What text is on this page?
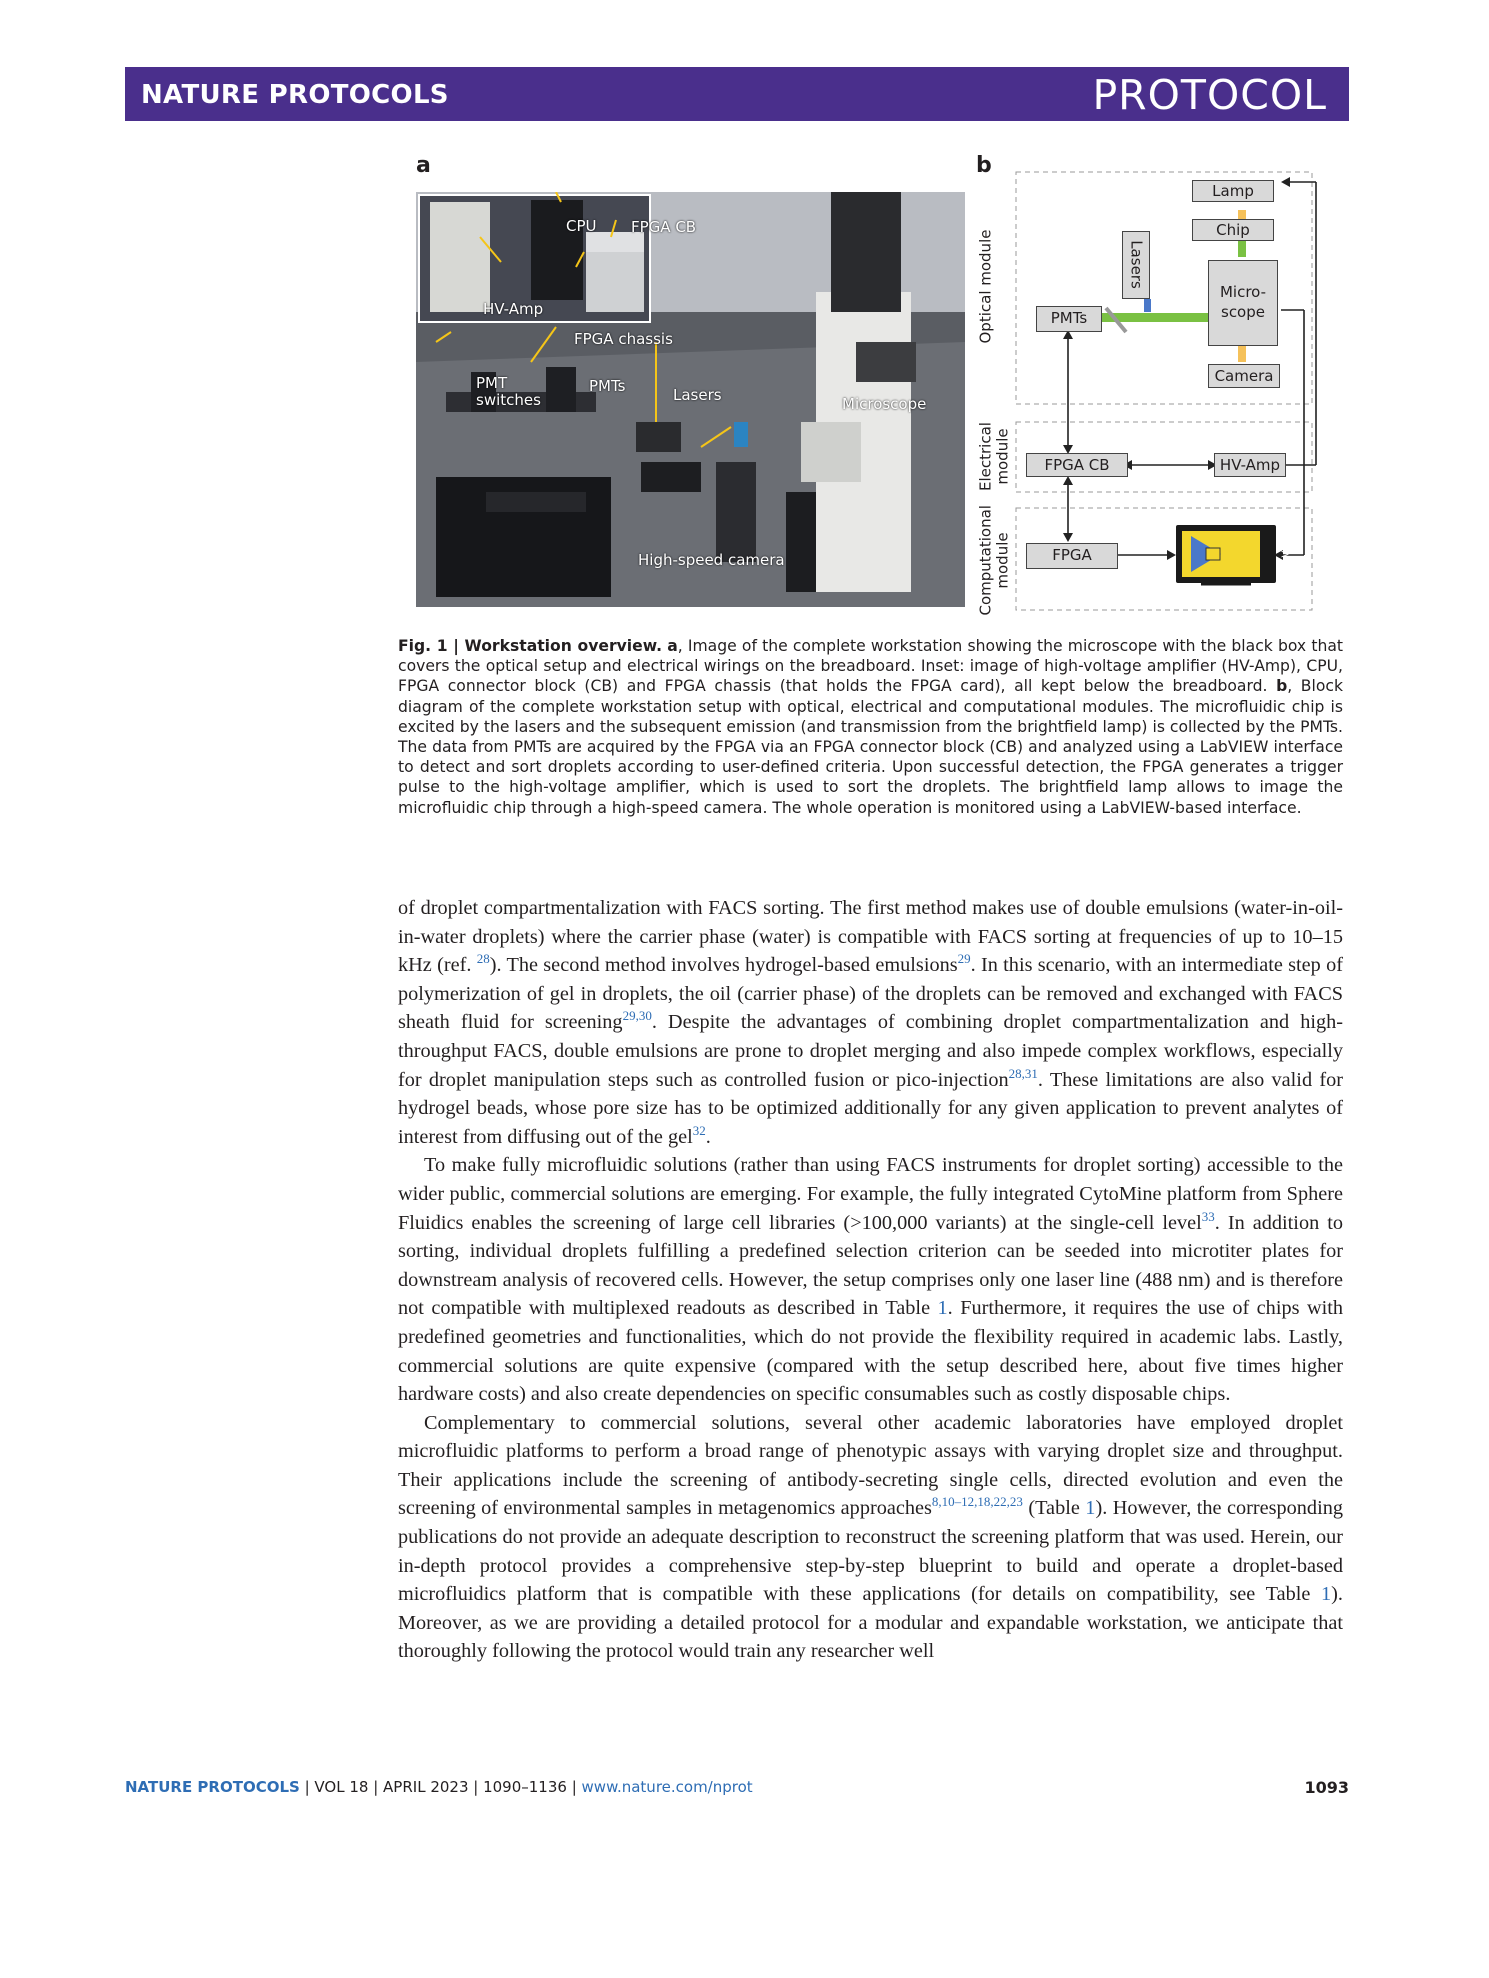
NATURE PROTOCOLS	PROTOCOL
a
CPU FPGA CB
HV-Amp
FPGA chassis
PMT
switches
PMTs	Lasers	Microscope
High-speed camera
b
Lamp
Chip
Lasers
Micro-
scope
PMTs
Camera
FPGA CB	HV-Amp
FPGA	LabVIEW
Optical module
Electrical module
Computational module
Fig. 1 | Workstation overview. a, Image of the complete workstation showing the microscope with the black box that covers the optical setup and electrical wirings on the breadboard. Inset: image of high-voltage amplifier (HV-Amp), CPU, FPGA connector block (CB) and FPGA chassis (that holds the FPGA card), all kept below the breadboard. b, Block diagram of the complete workstation setup with optical, electrical and computational modules. The microfluidic chip is excited by the lasers and the subsequent emission (and transmission from the brightfield lamp) is collected by the PMTs. The data from PMTs are acquired by the FPGA via an FPGA connector block (CB) and analyzed using a LabVIEW interface to detect and sort droplets according to user-defined criteria. Upon successful detection, the FPGA generates a trigger pulse to the high-voltage amplifier, which is used to sort the droplets. The brightfield lamp allows to image the microfluidic chip through a high-speed camera. The whole operation is monitored using a LabVIEW-based interface.

of droplet compartmentalization with FACS sorting. The first method makes use of double emulsions (water-in-oil-in-water droplets) where the carrier phase (water) is compatible with FACS sorting at frequencies of up to 10–15 kHz (ref. $^{28}$). The second method involves hydrogel-based emulsions$^{29}$. In this scenario, with an intermediate step of polymerization of gel in droplets, the oil (carrier phase) of the droplets can be removed and exchanged with FACS sheath fluid for screening$^{29,30}$. Despite the advantages of combining droplet compartmentalization and high-throughput FACS, double emulsions are prone to droplet merging and also impede complex workflows, especially for droplet manipulation steps such as controlled fusion or pico-injection$^{28,31}$. These limitations are also valid for hydrogel beads, whose pore size has to be optimized additionally for any given application to prevent analytes of interest from diffusing out of the gel$^{32}$.

To make fully microfluidic solutions (rather than using FACS instruments for droplet sorting) accessible to the wider public, commercial solutions are emerging. For example, the fully integrated CytoMine platform from Sphere Fluidics enables the screening of large cell libraries (>100,000 variants) at the single-cell level$^{33}$. In addition to sorting, individual droplets fulfilling a predefined selection criterion can be seeded into microtiter plates for downstream analysis of recovered cells. However, the setup comprises only one laser line (488 nm) and is therefore not compatible with multiplexed readouts as described in Table 1. Furthermore, it requires the use of chips with predefined geometries and functionalities, which do not provide the flexibility required in academic labs. Lastly, commercial solutions are quite expensive (compared with the setup described here, about five times higher hardware costs) and also create dependencies on specific consumables such as costly disposable chips.

Complementary to commercial solutions, several other academic laboratories have employed droplet microfluidic platforms to perform a broad range of phenotypic assays with varying droplet size and throughput. Their applications include the screening of antibody-secreting single cells, directed evolution and even the screening of environmental samples in metagenomics approaches$^{8,10-12,18,22,23}$ (Table 1). However, the corresponding publications do not provide an adequate description to reconstruct the screening platform that was used. Herein, our in-depth protocol provides a comprehensive step-by-step blueprint to build and operate a droplet-based microfluidics platform that is compatible with these applications (for details on compatibility, see Table 1). Moreover, as we are providing a detailed protocol for a modular and expandable workstation, we anticipate that thoroughly following the protocol would train any researcher well

NATURE PROTOCOLS | VOL 18 | APRIL 2023 | 1090–1136 | www.nature.com/nprot	1093
